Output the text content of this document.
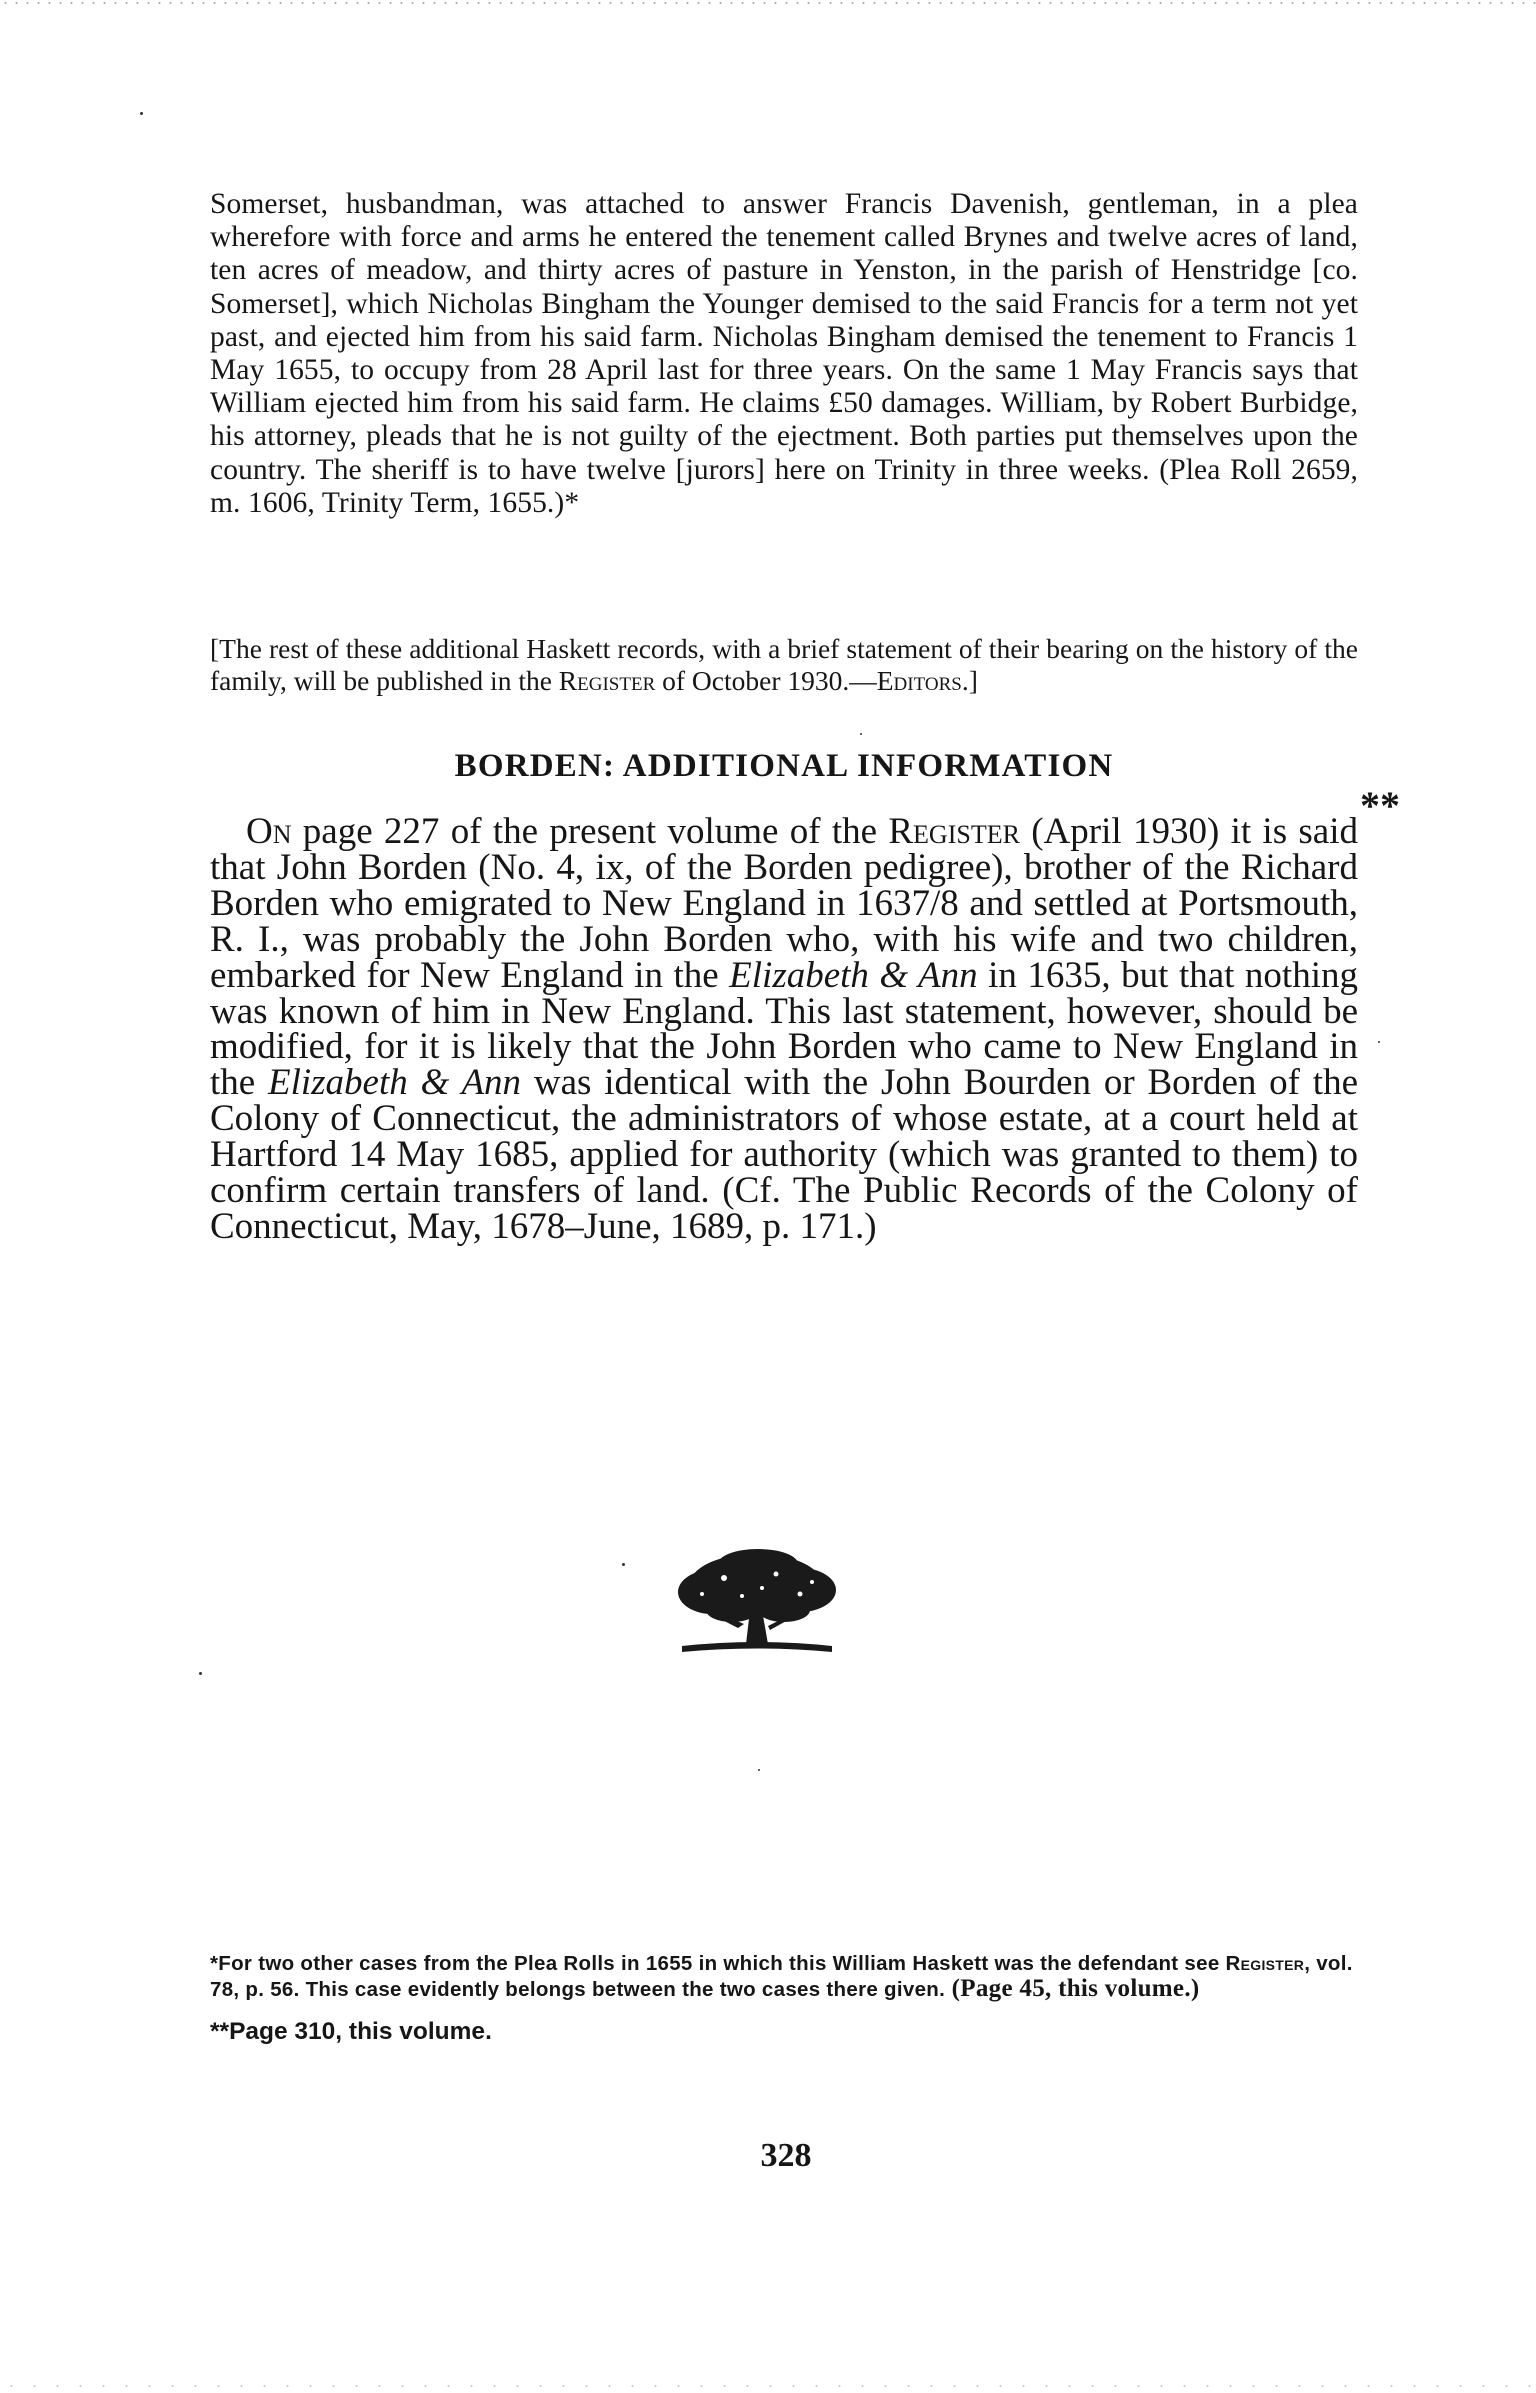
Somerset, husbandman, was attached to answer Francis Davenish, gentleman, in a plea wherefore with force and arms he entered the tenement called Brynes and twelve acres of land, ten acres of meadow, and thirty acres of pasture in Yenston, in the parish of Henstridge [co. Somerset], which Nicholas Bingham the Younger demised to the said Francis for a term not yet past, and ejected him from his said farm. Nicholas Bingham demised the tenement to Francis 1 May 1655, to occupy from 28 April last for three years. On the same 1 May Francis says that William ejected him from his said farm. He claims £50 damages. William, by Robert Burbidge, his attorney, pleads that he is not guilty of the ejectment. Both parties put themselves upon the country. The sheriff is to have twelve [jurors] here on Trinity in three weeks. (Plea Roll 2659, m. 1606, Trinity Term, 1655.)*

[The rest of these additional Haskett records, with a brief statement of their bearing on the history of the family, will be published in the Register of October 1930.—Editors.]

BORDEN: ADDITIONAL INFORMATION
**

On page 227 of the present volume of the Register (April 1930) it is said that John Borden (No. 4, ix, of the Borden pedigree), brother of the Richard Borden who emigrated to New England in 1637/8 and settled at Portsmouth, R. I., was probably the John Borden who, with his wife and two children, embarked for New England in the Elizabeth & Ann in 1635, but that nothing was known of him in New England. This last statement, however, should be modified, for it is likely that the John Borden who came to New England in the Elizabeth & Ann was identical with the John Bourden or Borden of the Colony of Connecticut, the administrators of whose estate, at a court held at Hartford 14 May 1685, applied for authority (which was granted to them) to confirm certain transfers of land. (Cf. The Public Records of the Colony of Connecticut, May, 1678–June, 1689, p. 171.)

*For two other cases from the Plea Rolls in 1655 in which this William Haskett was the defendant see Register, vol. 78, p. 56. This case evidently belongs between the two cases there given. (Page 45, this volume.)

**Page 310, this volume.

328
